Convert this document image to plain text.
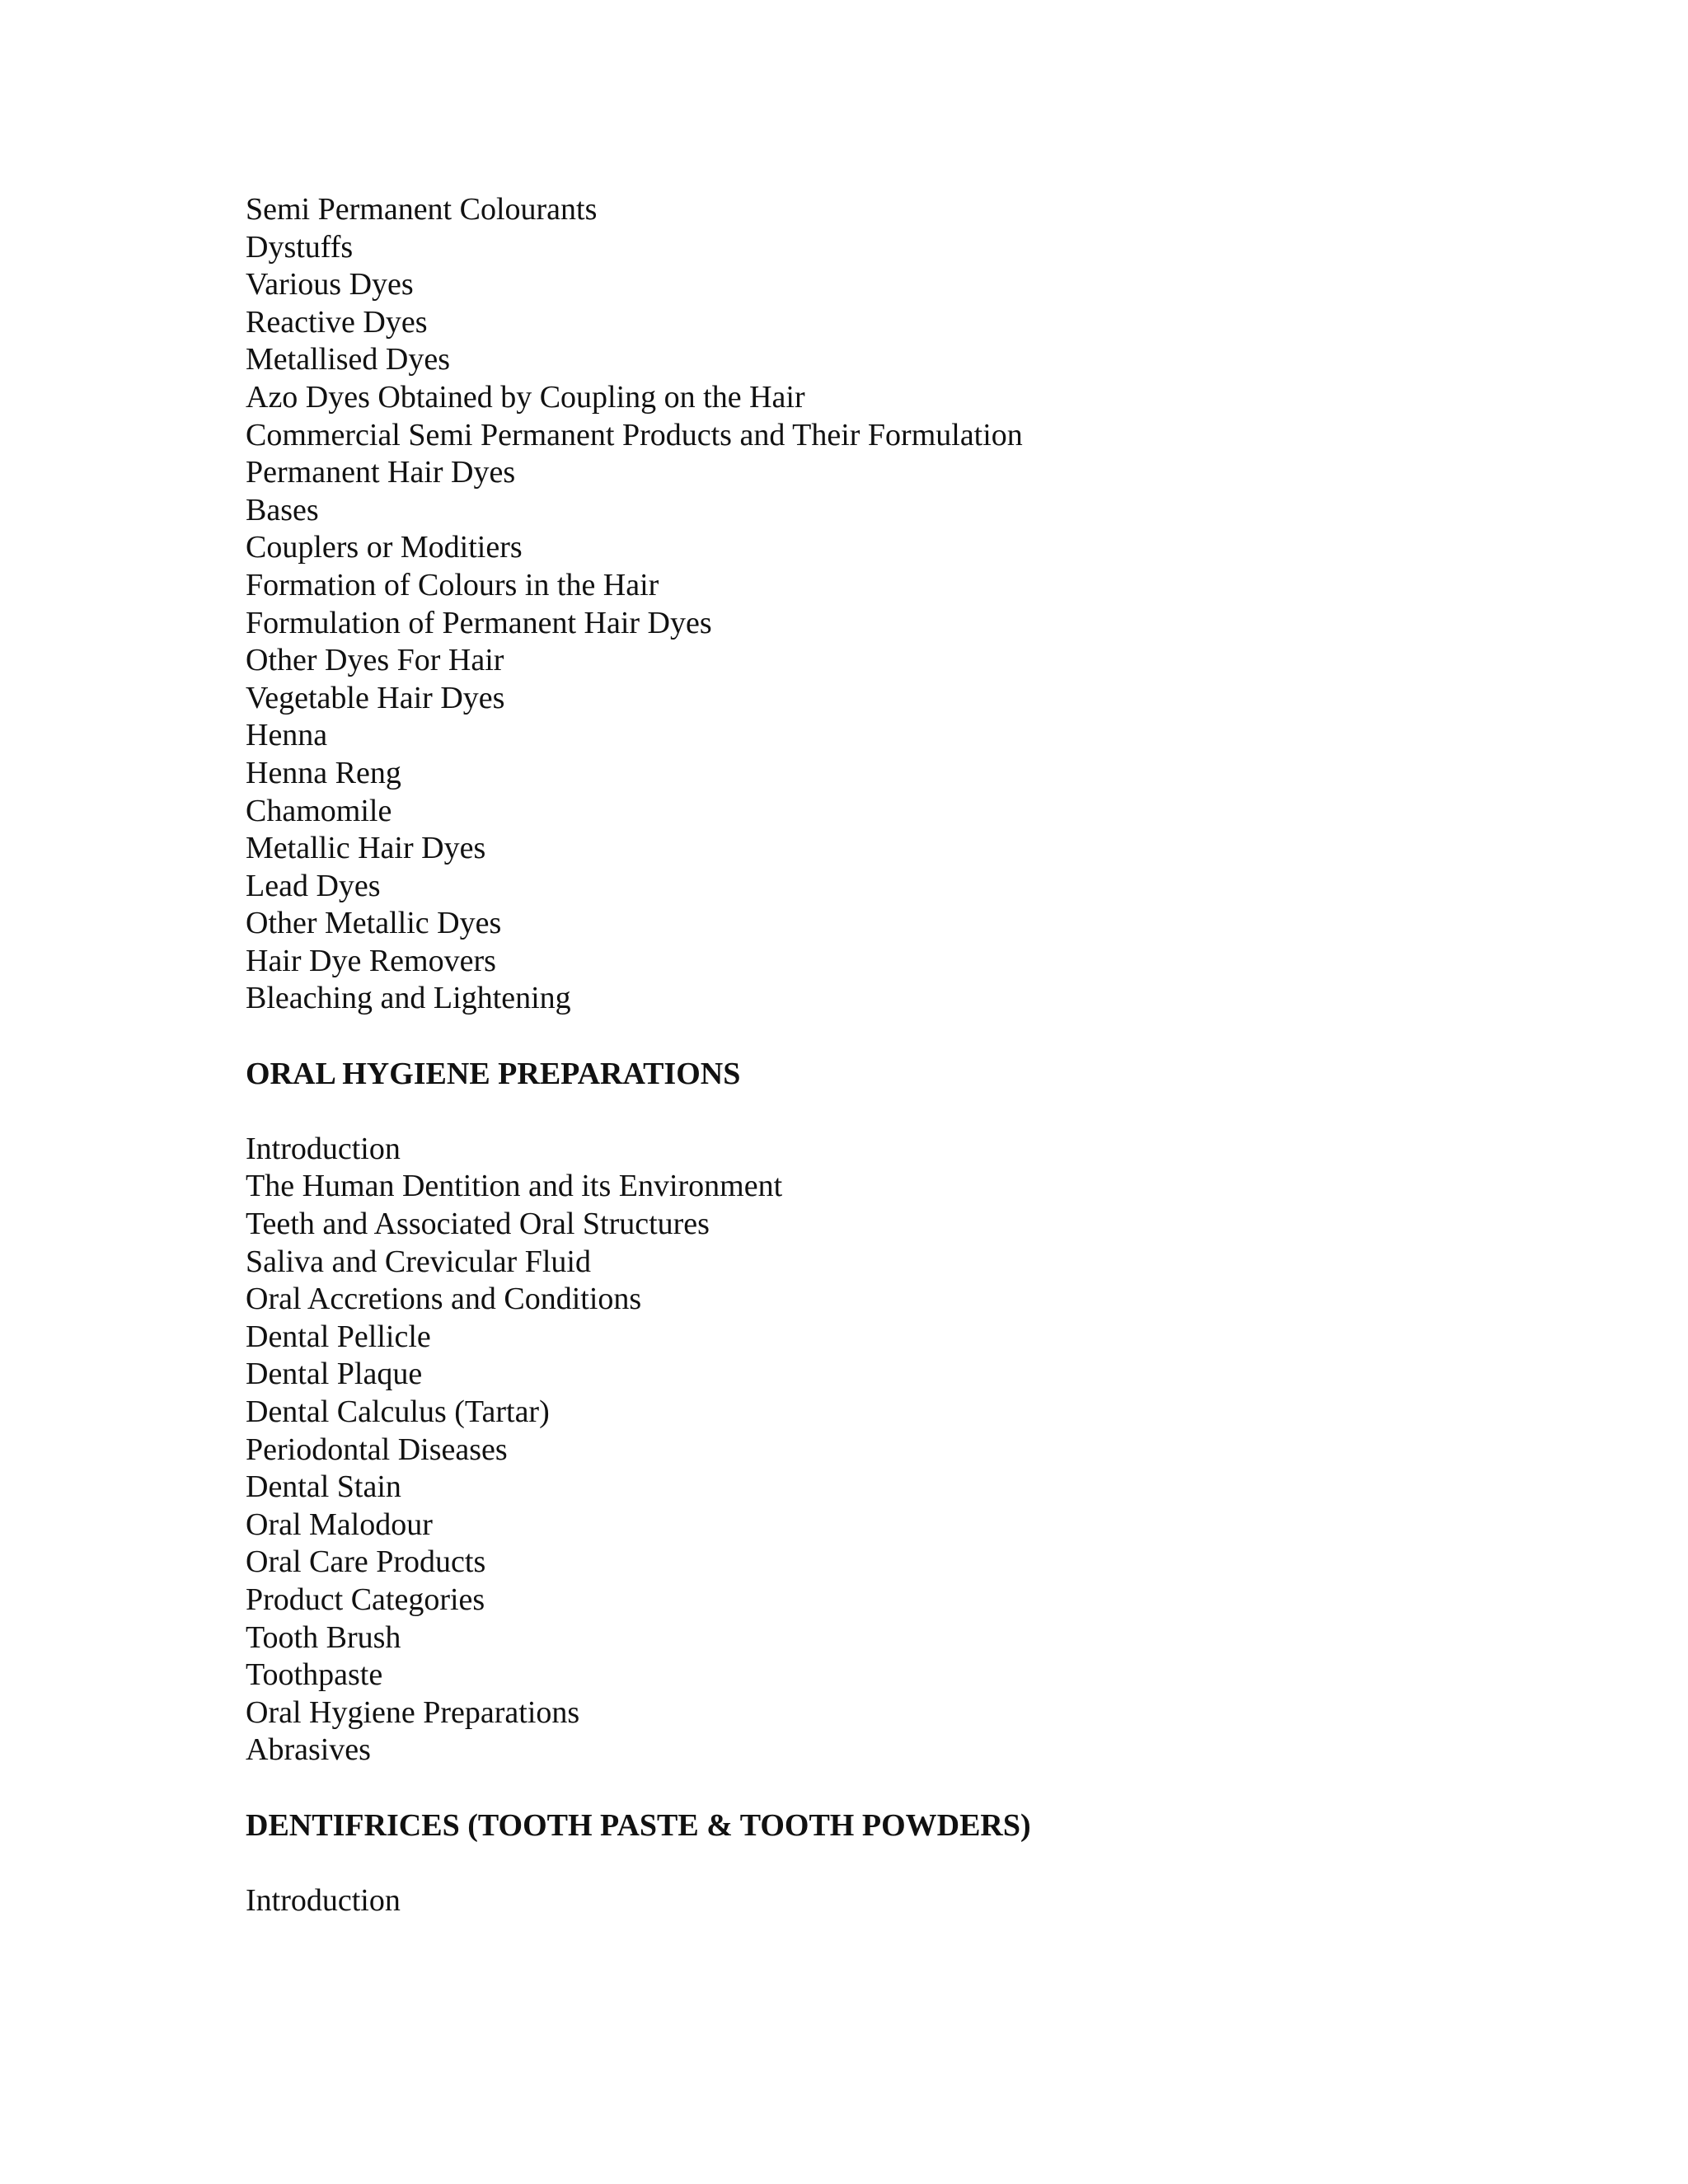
Semi Permanent Colourants
Dystuffs
Various Dyes
Reactive Dyes
Metallised Dyes
Azo Dyes Obtained by Coupling on the Hair
Commercial Semi Permanent Products and Their Formulation
Permanent Hair Dyes
Bases
Couplers or Moditiers
Formation of Colours in the Hair
Formulation of Permanent Hair Dyes
Other Dyes For Hair
Vegetable Hair Dyes
Henna
Henna Reng
Chamomile
Metallic Hair Dyes
Lead Dyes
Other Metallic Dyes
Hair Dye Removers
Bleaching and Lightening
ORAL HYGIENE PREPARATIONS
Introduction
The Human Dentition and its Environment
Teeth and Associated Oral Structures
Saliva and Crevicular Fluid
Oral Accretions and Conditions
Dental Pellicle
Dental Plaque
Dental Calculus (Tartar)
Periodontal Diseases
Dental Stain
Oral Malodour
Oral Care Products
Product Categories
Tooth Brush
Toothpaste
Oral Hygiene Preparations
Abrasives
DENTIFRICES (TOOTH PASTE & TOOTH POWDERS)
Introduction
